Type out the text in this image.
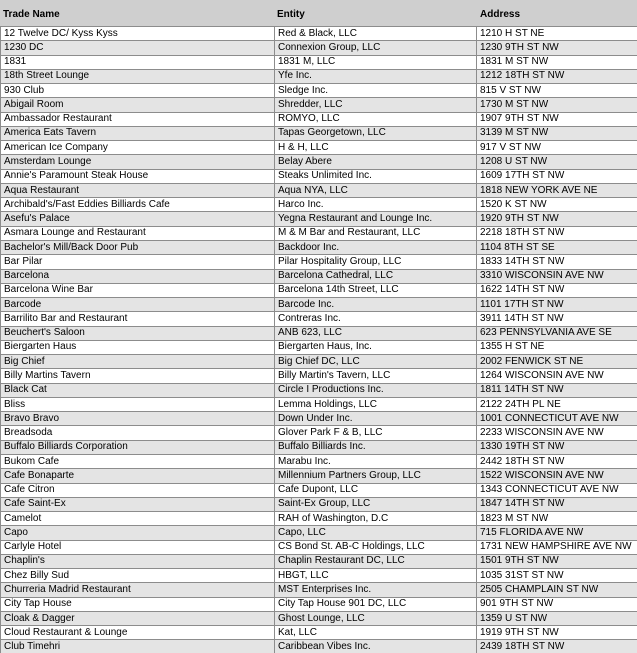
Trade Name	Entity	Address
12 Twelve DC/ Kyss Kyss	Red & Black, LLC	1210 H ST NE
1230 DC	Connexion Group, LLC	1230 9TH ST NW
1831	1831 M, LLC	1831 M ST NW
18th Street Lounge	Yfe Inc.	1212 18TH ST NW
930 Club	Sledge Inc.	815 V ST NW
Abigail Room	Shredder, LLC	1730 M ST NW
Ambassador Restaurant	ROMYO, LLC	1907 9TH ST NW
America Eats Tavern	Tapas Georgetown, LLC	3139 M ST NW
American Ice Company	H & H, LLC	917 V ST NW
Amsterdam Lounge	Belay Abere	1208 U ST NW
Annie's Paramount Steak House	Steaks Unlimited Inc.	1609 17TH ST NW
Aqua Restaurant	Aqua NYA, LLC	1818 NEW YORK AVE NE
Archibald's/Fast Eddies Billiards Cafe	Harco Inc.	1520 K ST NW
Asefu's Palace	Yegna Restaurant and Lounge Inc.	1920 9TH ST NW
Asmara Lounge and Restaurant	M & M Bar and Restaurant, LLC	2218 18TH ST NW
Bachelor's Mill/Back Door Pub	Backdoor Inc.	1104 8TH ST SE
Bar Pilar	Pilar Hospitality Group, LLC	1833 14TH ST NW
Barcelona	Barcelona Cathedral, LLC	3310 WISCONSIN AVE NW
Barcelona Wine Bar	Barcelona 14th Street, LLC	1622 14TH ST NW
Barcode	Barcode Inc.	1101 17TH ST NW
Barrilito Bar and Restaurant	Contreras Inc.	3911 14TH ST NW
Beuchert's Saloon	ANB 623, LLC	623 PENNSYLVANIA AVE SE
Biergarten Haus	Biergarten Haus, Inc.	1355 H ST NE
Big Chief	Big Chief DC, LLC	2002 FENWICK ST NE
Billy Martins Tavern	Billy Martin's Tavern, LLC	1264 WISCONSIN AVE NW
Black Cat	Circle I Productions Inc.	1811 14TH ST NW
Bliss	Lemma Holdings, LLC	2122 24TH PL NE
Bravo Bravo	Down Under Inc.	1001 CONNECTICUT AVE NW
Breadsoda	Glover Park F & B, LLC	2233 WISCONSIN AVE NW
Buffalo Billiards Corporation	Buffalo Billiards Inc.	1330 19TH ST NW
Bukom Cafe	Marabu Inc.	2442 18TH ST NW
Cafe Bonaparte	Millennium Partners Group, LLC	1522 WISCONSIN AVE NW
Cafe Citron	Cafe Dupont, LLC	1343 CONNECTICUT AVE NW
Cafe Saint-Ex	Saint-Ex Group, LLC	1847 14TH ST NW
Camelot	RAH of Washington, D.C	1823 M ST NW
Capo	Capo, LLC	715 FLORIDA AVE NW
Carlyle Hotel	CS Bond St. AB-C Holdings, LLC	1731 NEW HAMPSHIRE AVE NW
Chaplin's	Chaplin Restaurant DC, LLC	1501 9TH ST NW
Chez Billy Sud	HBGT, LLC	1035 31ST ST NW
Churreria Madrid Restaurant	MST Enterprises Inc.	2505 CHAMPLAIN ST NW
City Tap House	City Tap House 901 DC, LLC	901 9TH ST NW
Cloak & Dagger	Ghost Lounge, LLC	1359 U ST NW
Cloud Restaurant & Lounge	Kat, LLC	1919 9TH ST NW
Club Timehri	Caribbean Vibes Inc.	2439 18TH ST NW
